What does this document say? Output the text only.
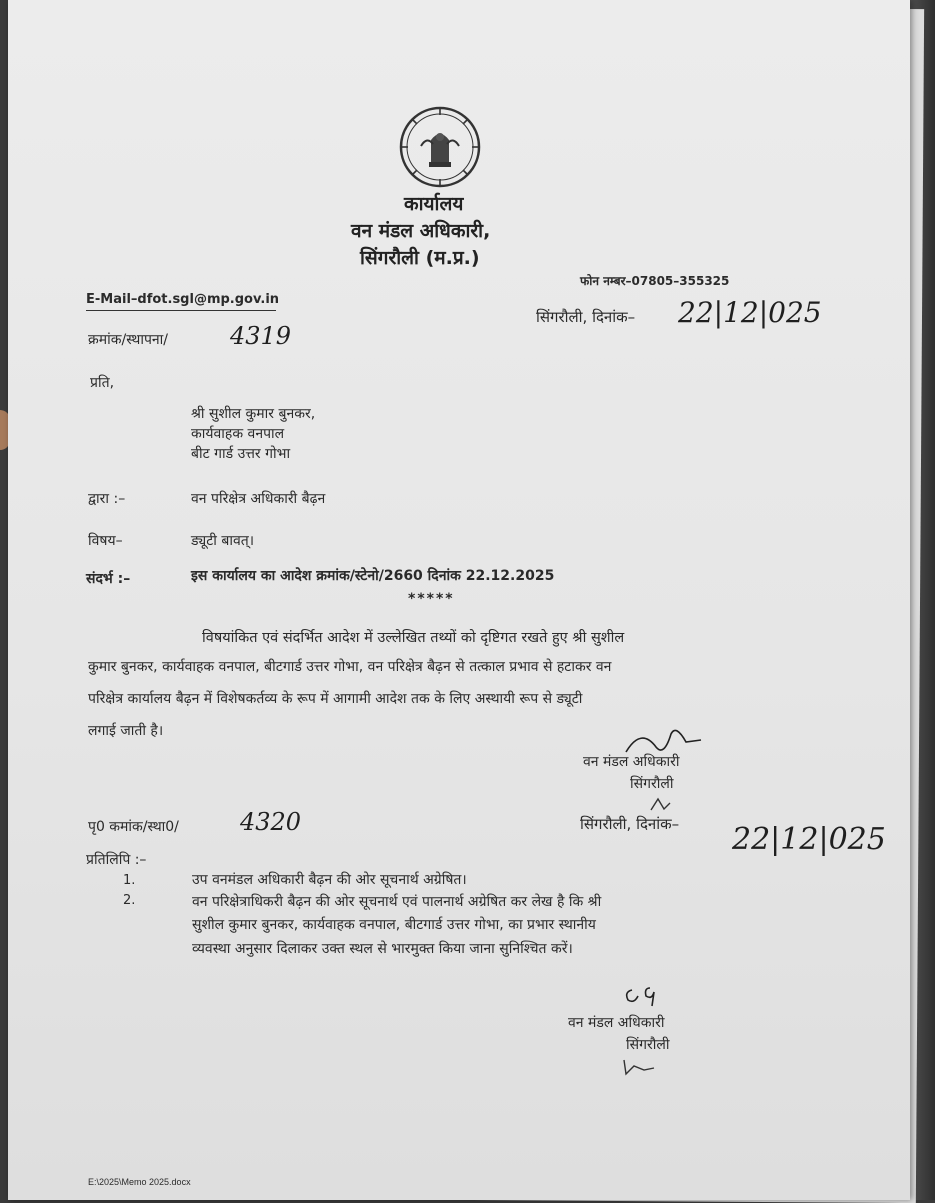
कार्यालय
वन मंडल अधिकारी,
सिंगरौली (म.प्र.)
फोन नम्बर–07805–355325
E-Mail–dfot.sgl@mp.gov.in
सिंगरौली, दिनांक– 22|12|025
क्रमांक/स्थापना/	4319
प्रति,
श्री सुशील कुमार बुनकर,
कार्यवाहक वनपाल
बीट गार्ड उत्तर गोभा
द्वारा :–	वन परिक्षेत्र अधिकारी बैढ़न
विषय–	ड्यूटी बावत्।
संदर्भ :–	इस कार्यालय का आदेश क्रमांक/स्टेनो/2660 दिनांक 22.12.2025
*****
विषयांकित एवं संदर्भित आदेश में उल्लेखित तथ्यों को दृष्टिगत रखते हुए श्री सुशील
कुमार बुनकर, कार्यवाहक वनपाल, बीटगार्ड उत्तर गोभा, वन परिक्षेत्र बैढ़न से तत्काल प्रभाव से हटाकर वन
परिक्षेत्र कार्यालय बैढ़न में विशेषकर्तव्य के रूप में आगामी आदेश तक के लिए अस्थायी रूप से ड्यूटी
लगाई जाती है।
वन मंडल अधिकारी
सिंगरौली
पृ0 कमांक/स्था0/	4320	सिंगरौली, दिनांक– 22|12|025
प्रतिलिपि :–
1.	उप वनमंडल अधिकारी बैढ़न की ओर सूचनार्थ अग्रेषित।
2.	वन परिक्षेत्राधिकरी बैढ़न की ओर सूचनार्थ एवं पालनार्थ अग्रेषित कर लेख है कि श्री
सुशील कुमार बुनकर, कार्यवाहक वनपाल, बीटगार्ड उत्तर गोभा, का प्रभार स्थानीय
व्यवस्था अनुसार दिलाकर उक्त स्थल से भारमुक्त किया जाना सुनिश्चित करें।
वन मंडल अधिकारी
सिंगरौली
E:\2025\Memo 2025.docx
